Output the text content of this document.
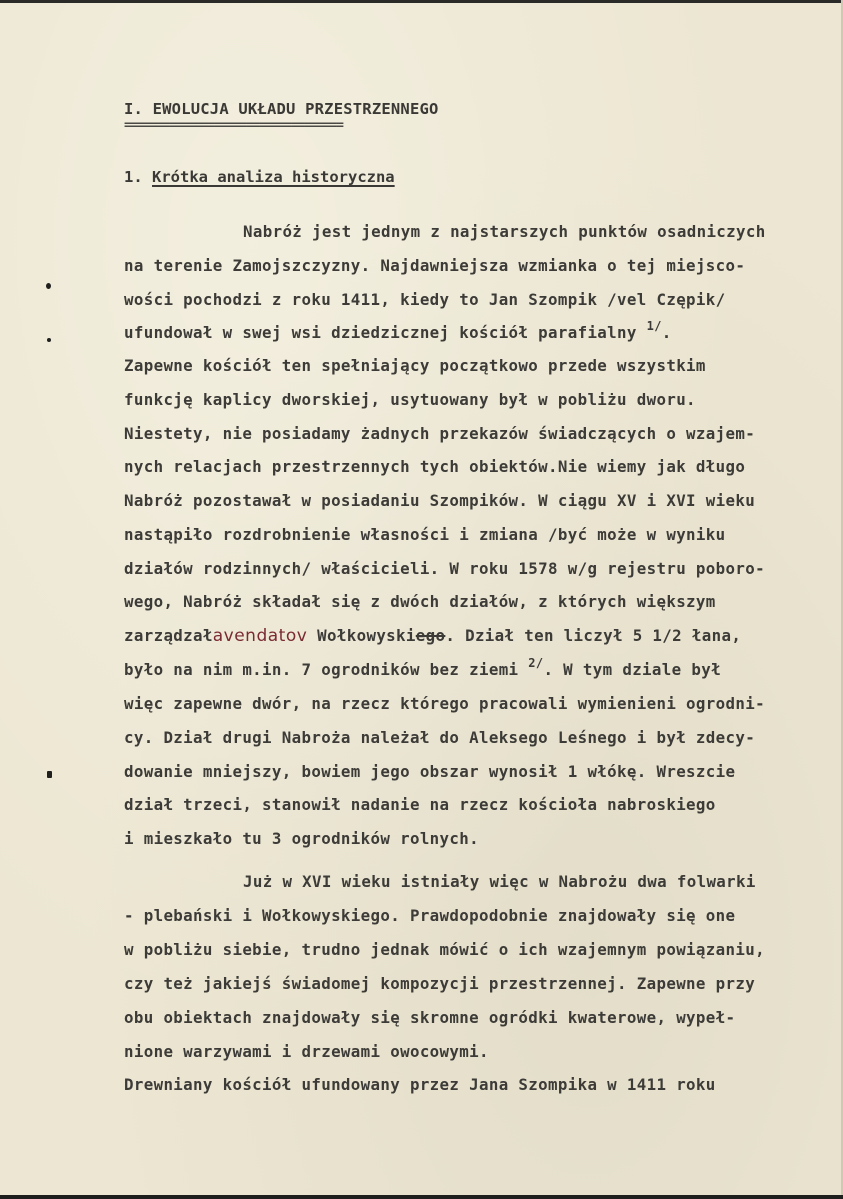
I. EWOLUCJA UKŁADU PRZESTRZENNEGO
==================================
1. Krótka analiza historyczna
Nabróż jest jednym z najstarszych punktów osadniczych
na terenie Zamojszczyzny. Najdawniejsza wzmianka o tej miejsco-
wości pochodzi z roku 1411, kiedy to Jan Szompik /vel Czępik/
ufundował w swej wsi dziedzicznej kościół parafialny $^{1/}$.
Zapewne kościół ten spełniający początkowo przede wszystkim
funkcję kaplicy dworskiej, usytuowany był w pobliżu dworu.
Niestety, nie posiadamy żadnych przekazów świadczących o wzajem-
nych relacjach przestrzennych tych obiektów.Nie wiemy jak długo
Nabróż pozostawał w posiadaniu Szompików. W ciągu XV i XVI wieku
nastąpiło rozdrobnienie własności i zmiana /być może w wyniku
działów rodzinnych/ właścicieli. W roku 1578 w/g rejestru poboro-
wego, Nabróż składał się z dwóch działów, z których większym
zarządzałavendatov Wołkowyskiego. Dział ten liczył 5 1/2 łana,
było na nim m.in. 7 ogrodników bez ziemi $^{2/}$. W tym dziale był
więc zapewne dwór, na rzecz którego pracowali wymienieni ogrodni-
cy. Dział drugi Nabroża należał do Aleksego Leśnego i był zdecy-
dowanie mniejszy, bowiem jego obszar wynosił 1 włókę. Wreszcie
dział trzeci, stanowił nadanie na rzecz kościoła nabroskiego
i mieszkało tu 3 ogrodników rolnych.
Już w XVI wieku istniały więc w Nabrożu dwa folwarki
- plebański i Wołkowyskiego. Prawdopodobnie znajdowały się one
w pobliżu siebie, trudno jednak mówić o ich wzajemnym powiązaniu,
czy też jakiejś świadomej kompozycji przestrzennej. Zapewne przy
obu obiektach znajdowały się skromne ogródki kwaterowe, wypeł-
nione warzywami i drzewami owocowymi.
Drewniany kościół ufundowany przez Jana Szompika w 1411 roku
